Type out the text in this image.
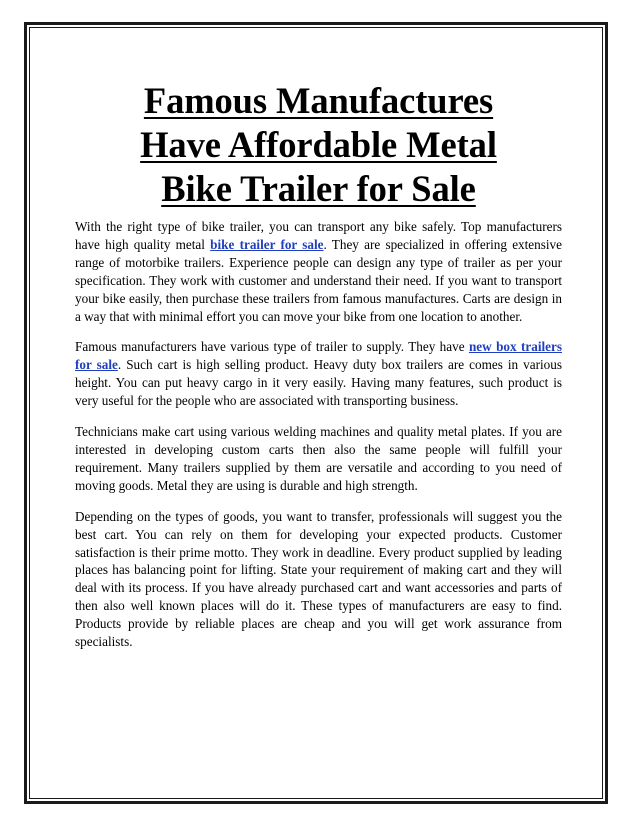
Famous Manufactures
Have Affordable Metal
Bike Trailer for Sale

With the right type of bike trailer, you can transport any bike safely. Top manufacturers have high quality metal bike trailer for sale. They are specialized in offering extensive range of motorbike trailers. Experience people can design any type of trailer as per your specification. They work with customer and understand their need. If you want to transport your bike easily, then purchase these trailers from famous manufactures. Carts are design in a way that with minimal effort you can move your bike from one location to another.

Famous manufacturers have various type of trailer to supply. They have new box trailers for sale. Such cart is high selling product. Heavy duty box trailers are comes in various height. You can put heavy cargo in it very easily. Having many features, such product is very useful for the people who are associated with transporting business.

Technicians make cart using various welding machines and quality metal plates. If you are interested in developing custom carts then also the same people will fulfill your requirement. Many trailers supplied by them are versatile and according to you need of moving goods. Metal they are using is durable and high strength.

Depending on the types of goods, you want to transfer, professionals will suggest you the best cart. You can rely on them for developing your expected products. Customer satisfaction is their prime motto. They work in deadline. Every product supplied by leading places has balancing point for lifting. State your requirement of making cart and they will deal with its process. If you have already purchased cart and want accessories and parts of then also well known places will do it. These types of manufacturers are easy to find. Products provide by reliable places are cheap and you will get work assurance from specialists.
